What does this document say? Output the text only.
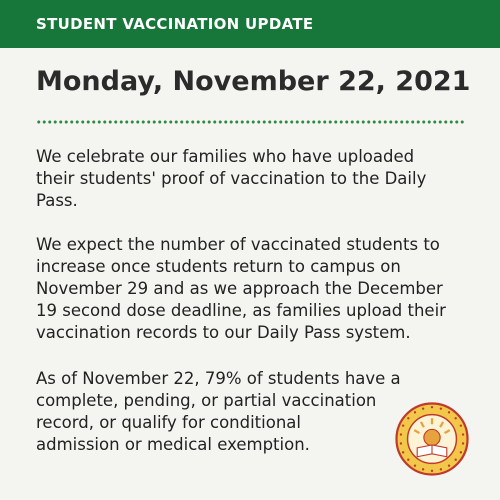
STUDENT VACCINATION UPDATE
Monday, November 22, 2021

We celebrate our families who have uploaded
their students' proof of vaccination to the Daily
Pass.

We expect the number of vaccinated students to
increase once students return to campus on
November 29 and as we approach the December
19 second dose deadline, as families upload their
vaccination records to our Daily Pass system.

As of November 22, 79% of students have a
complete, pending, or partial vaccination
record, or qualify for conditional
admission or medical exemption.
